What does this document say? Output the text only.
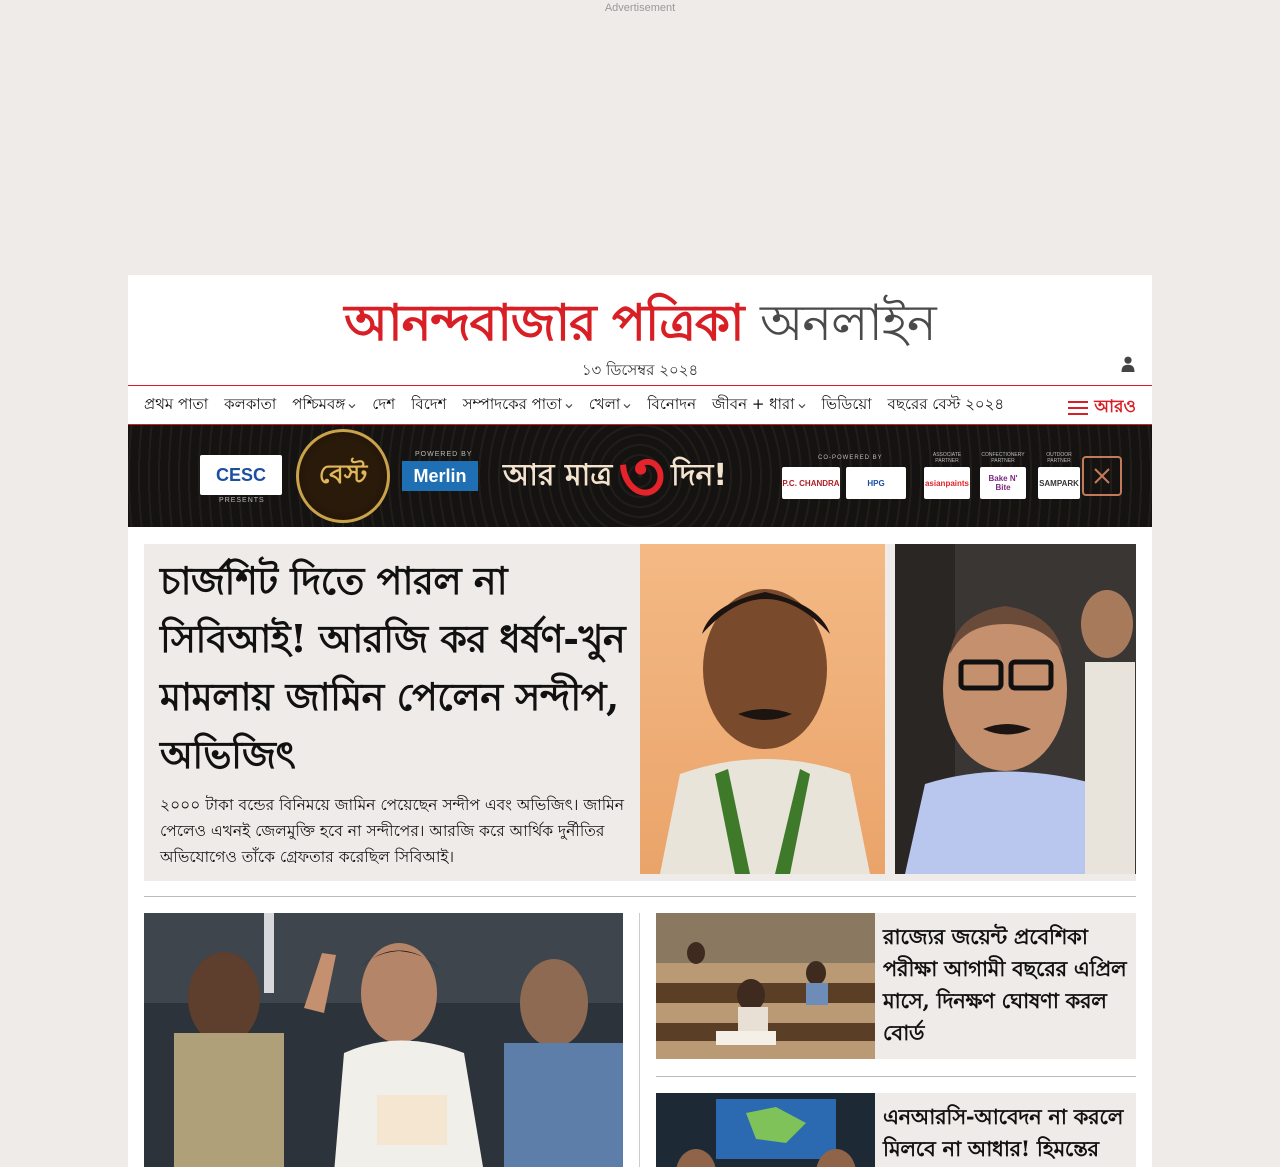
Advertisement
আনন্দবাজার পত্রিকা অনলাইন
১৩ ডিসেম্বর ২০২৪
প্রথম পাতা কলকাতা পশ্চিমবঙ্গ দেশ বিদেশ সম্পাদকের পাতা খেলা বিনোদন জীবন + ধারা ভিডিয়ো বছরের বেস্ট ২০২৪	আরও
CESC
PRESENTS
বেস্ট
POWERED BY
Merlin	আর মাত্র ৩ দিন!	CO-POWERED BY
P.C. CHANDRA	HPG
ASSOCIATE PARTNER
asianpaints
CONFECTIONERY PARTNER
Bake N' Bite
OUTDOOR PARTNER
SAMPARK
চার্জশিট দিতে পারল না সিবিআই! আরজি কর ধর্ষণ-খুন মামলায় জামিন পেলেন সন্দীপ, অভিজিৎ
২০০০ টাকা বন্ডের বিনিময়ে জামিন পেয়েছেন সন্দীপ এবং অভিজিৎ। জামিন পেলেও এখনই জেলমুক্তি হবে না সন্দীপের। আরজি করে আর্থিক দুর্নীতির অভিযোগেও তাঁকে গ্রেফতার করেছিল সিবিআই।
রাজ্যের জয়েন্ট প্রবেশিকা পরীক্ষা আগামী বছরের এপ্রিল মাসে, দিনক্ষণ ঘোষণা করল বোর্ড
এনআরসি-আবেদন না করলে মিলবে না আধার! হিমন্তের
